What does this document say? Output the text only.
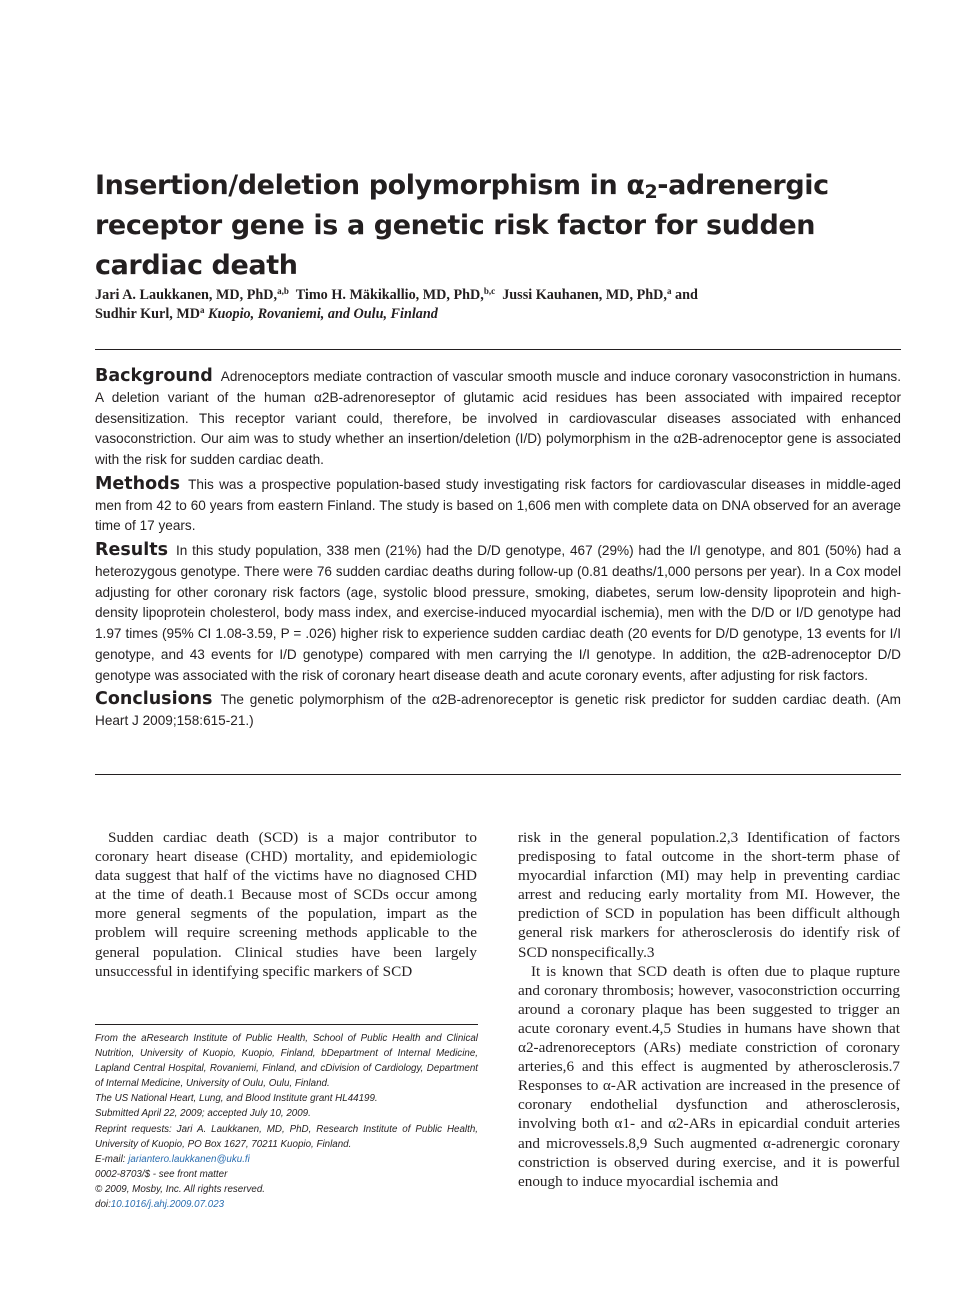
Insertion/deletion polymorphism in α2-adrenergic receptor gene is a genetic risk factor for sudden cardiac death
Jari A. Laukkanen, MD, PhD,$^{a,b}$ Timo H. Mäkikallio, MD, PhD,$^{b,c}$ Jussi Kauhanen, MD, PhD,$^a$ and
Sudhir Kurl, $MD^a$ Kuopio, Rovaniemi, and Oulu, Finland

Background Adrenoceptors mediate contraction of vascular smooth muscle and induce coronary vasoconstriction in humans. A deletion variant of the human α2B-adrenoreseptor of glutamic acid residues has been associated with impaired receptor desensitization. This receptor variant could, therefore, be involved in cardiovascular diseases associated with enhanced vasoconstriction. Our aim was to study whether an insertion/deletion (I/D) polymorphism in the α2B-adrenoceptor gene is associated with the risk for sudden cardiac death.

Methods This was a prospective population-based study investigating risk factors for cardiovascular diseases in middle-aged men from 42 to 60 years from eastern Finland. The study is based on 1,606 men with complete data on DNA observed for an average time of 17 years.

Results In this study population, 338 men (21%) had the D/D genotype, 467 (29%) had the I/I genotype, and 801 (50%) had a heterozygous genotype. There were 76 sudden cardiac deaths during follow-up (0.81 deaths/1,000 persons per year). In a Cox model adjusting for other coronary risk factors (age, systolic blood pressure, smoking, diabetes, serum low-density lipoprotein and high-density lipoprotein cholesterol, body mass index, and exercise-induced myocardial ischemia), men with the D/D or I/D genotype had 1.97 times (95% CI 1.08-3.59, P = .026) higher risk to experience sudden cardiac death (20 events for D/D genotype, 13 events for I/I genotype, and 43 events for I/D genotype) compared with men carrying the I/I genotype. In addition, the α2B-adrenoceptor D/D genotype was associated with the risk of coronary heart disease death and acute coronary events, after adjusting for risk factors.

Conclusions The genetic polymorphism of the α2B-adrenoreceptor is genetic risk predictor for sudden cardiac death. (Am Heart J 2009;158:615-21.)

Sudden cardiac death (SCD) is a major contributor to coronary heart disease (CHD) mortality, and epidemiologic data suggest that half of the victims have no diagnosed CHD at the time of death.1 Because most of SCDs occur among more general segments of the population, impart as the problem will require screening methods applicable to the general population. Clinical studies have been largely unsuccessful in identifying specific markers of SCD

risk in the general population.2,3 Identification of factors predisposing to fatal outcome in the short-term phase of myocardial infarction (MI) may help in preventing cardiac arrest and reducing early mortality from MI. However, the prediction of SCD in population has been difficult although general risk markers for atherosclerosis do identify risk of SCD nonspecifically.3

It is known that SCD death is often due to plaque rupture and coronary thrombosis; however, vasoconstriction occurring around a coronary plaque has been suggested to trigger an acute coronary event.4,5 Studies in humans have shown that α2-adrenoreceptors (ARs) mediate constriction of coronary arteries,6 and this effect is augmented by atherosclerosis.7 Responses to α-AR activation are increased in the presence of coronary endothelial dysfunction and atherosclerosis, involving both α1- and α2-ARs in epicardial conduit arteries and microvessels.8,9 Such augmented α-adrenergic coronary constriction is observed during exercise, and it is powerful enough to induce myocardial ischemia and

From the aResearch Institute of Public Health, School of Public Health and Clinical Nutrition, University of Kuopio, Kuopio, Finland, bDepartment of Internal Medicine, Lapland Central Hospital, Rovaniemi, Finland, and cDivision of Cardiology, Department of Internal Medicine, University of Oulu, Oulu, Finland.
The US National Heart, Lung, and Blood Institute grant HL44199.
Submitted April 22, 2009; accepted July 10, 2009.
Reprint requests: Jari A. Laukkanen, MD, PhD, Research Institute of Public Health, University of Kuopio, PO Box 1627, 70211 Kuopio, Finland.
E-mail: jariantero.laukkanen@uku.fi
0002-8703/$ - see front matter
© 2009, Mosby, Inc. All rights reserved.
doi:10.1016/j.ahj.2009.07.023
